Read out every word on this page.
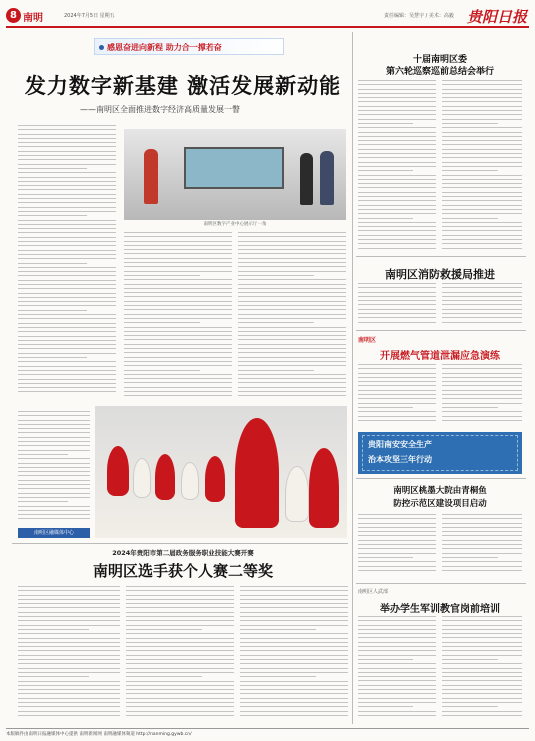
8 南明	2024年7月5日 星期五	责任编辑：吴慧宇 / 美术：高毅 贵阳日报
感恩奋进向新程 助力合一撑若奋
发力数字新基建 激活发展新动能
——南明区全面推进数字经济高质量发展一瞥
南明区数字产业中心展示厅一角
南明区融媒体中心
2024年贵阳市第二届政务服务职业技能大赛开赛
南明区选手获个人赛二等奖
十届南明区委
第六轮巡察巡前总结会举行
南明区消防救援局推进
南明区
开展燃气管道泄漏应急演练
贵阳南安安全生产
治本攻坚三年行动
南明区桃墨大院由青桐鱼
防控示范区建设项目启动
南明区人武部
举办学生军训教官岗前培训
本版稿件由南明日报融媒体中心提供 南明新闻网 南明融媒体频道 http://nanming.gywb.cn/
